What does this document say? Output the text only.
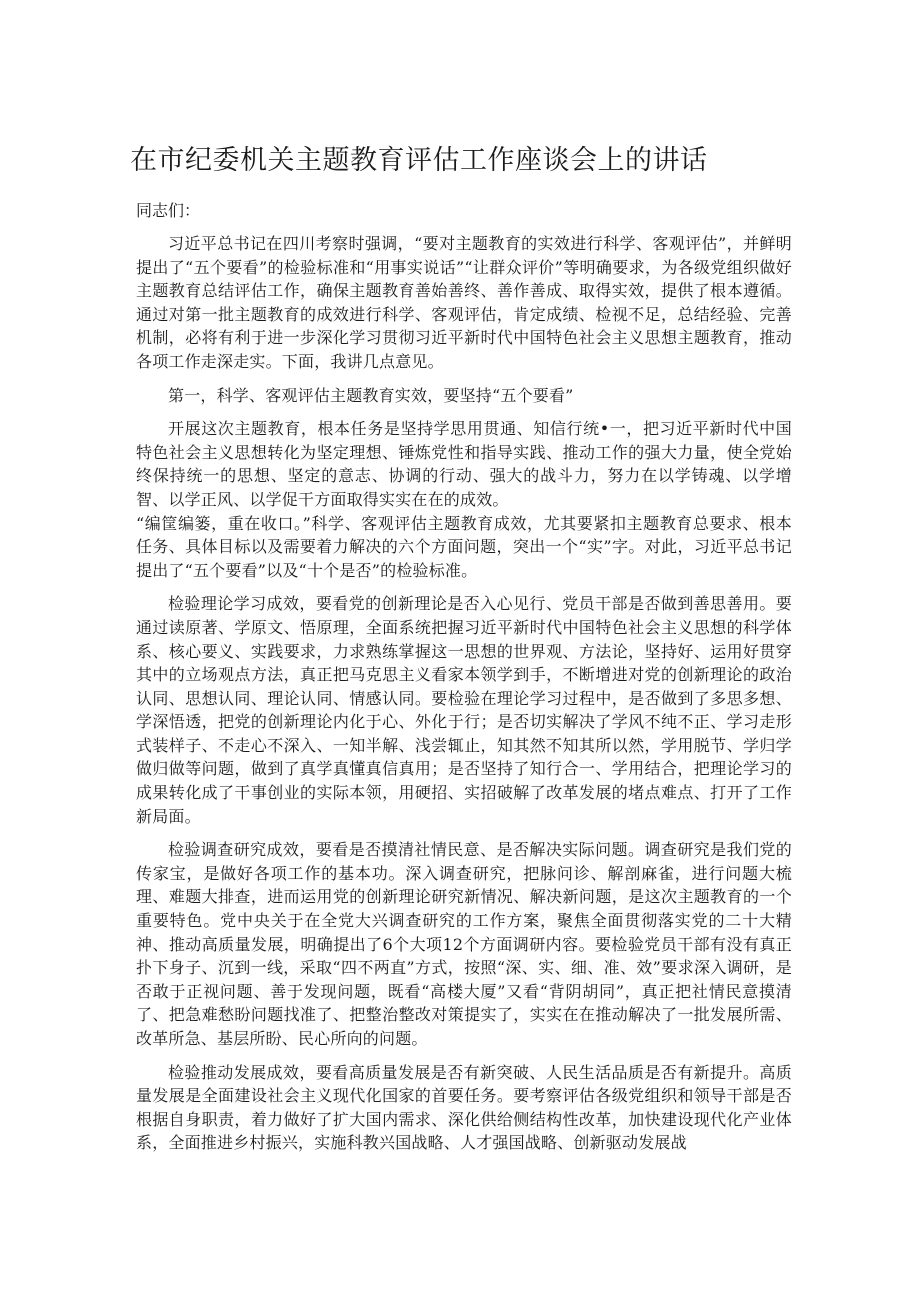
在市纪委机关主题教育评估工作座谈会上的讲话

同志们：

习近平总书记在四川考察时强调，“要对主题教育的实效进行科学、客观评估”，并鲜明提出了“五个要看”的检验标准和“用事实说话”“让群众评价”等明确要求，为各级党组织做好主题教育总结评估工作，确保主题教育善始善终、善作善成、取得实效，提供了根本遵循。通过对第一批主题教育的成效进行科学、客观评估，肯定成绩、检视不足，总结经验、完善机制，必将有利于进一步深化学习贯彻习近平新时代中国特色社会主义思想主题教育，推动各项工作走深走实。下面，我讲几点意见。

第一，科学、客观评估主题教育实效，要坚持“五个要看”

开展这次主题教育，根本任务是坚持学思用贯通、知信行统•一，把习近平新时代中国特色社会主义思想转化为坚定理想、锤炼党性和指导实践、推动工作的强大力量，使全党始终保持统一的思想、坚定的意志、协调的行动、强大的战斗力，努力在以学铸魂、以学增智、以学正风、以学促干方面取得实实在在的成效。

“编筐编篓，重在收口。”科学、客观评估主题教育成效，尤其要紧扣主题教育总要求、根本任务、具体目标以及需要着力解决的六个方面问题，突出一个“实”字。对此，习近平总书记提出了“五个要看”以及“十个是否”的检验标准。

检验理论学习成效，要看党的创新理论是否入心见行、党员干部是否做到善思善用。要通过读原著、学原文、悟原理，全面系统把握习近平新时代中国特色社会主义思想的科学体系、核心要义、实践要求，力求熟练掌握这一思想的世界观、方法论，坚持好、运用好贯穿其中的立场观点方法，真正把马克思主义看家本领学到手，不断增进对党的创新理论的政治认同、思想认同、理论认同、情感认同。要检验在理论学习过程中，是否做到了多思多想、学深悟透，把党的创新理论内化于心、外化于行；是否切实解决了学风不纯不正、学习走形式装样子、不走心不深入、一知半解、浅尝辄止，知其然不知其所以然，学用脱节、学归学做归做等问题，做到了真学真懂真信真用；是否坚持了知行合一、学用结合，把理论学习的成果转化成了干事创业的实际本领，用硬招、实招破解了改革发展的堵点难点、打开了工作新局面。

检验调查研究成效，要看是否摸清社情民意、是否解决实际问题。调查研究是我们党的传家宝，是做好各项工作的基本功。深入调查研究，把脉问诊、解剖麻雀，进行问题大梳理、难题大排查，进而运用党的创新理论研究新情况、解决新问题，是这次主题教育的一个重要特色。党中央关于在全党大兴调查研究的工作方案，聚焦全面贯彻落实党的二十大精神、推动高质量发展，明确提出了6个大项12个方面调研内容。要检验党员干部有没有真正扑下身子、沉到一线，采取“四不两直”方式，按照“深、实、细、准、效”要求深入调研，是否敢于正视问题、善于发现问题，既看“高楼大厦”又看“背阴胡同”，真正把社情民意摸清了、把急难愁盼问题找准了、把整治整改对策提实了，实实在在推动解决了一批发展所需、改革所急、基层所盼、民心所向的问题。

检验推动发展成效，要看高质量发展是否有新突破、人民生活品质是否有新提升。高质量发展是全面建设社会主义现代化国家的首要任务。要考察评估各级党组织和领导干部是否根据自身职责，着力做好了扩大国内需求、深化供给侧结构性改革，加快建设现代化产业体系，全面推进乡村振兴，实施科教兴国战略、人才强国战略、创新驱动发展战
